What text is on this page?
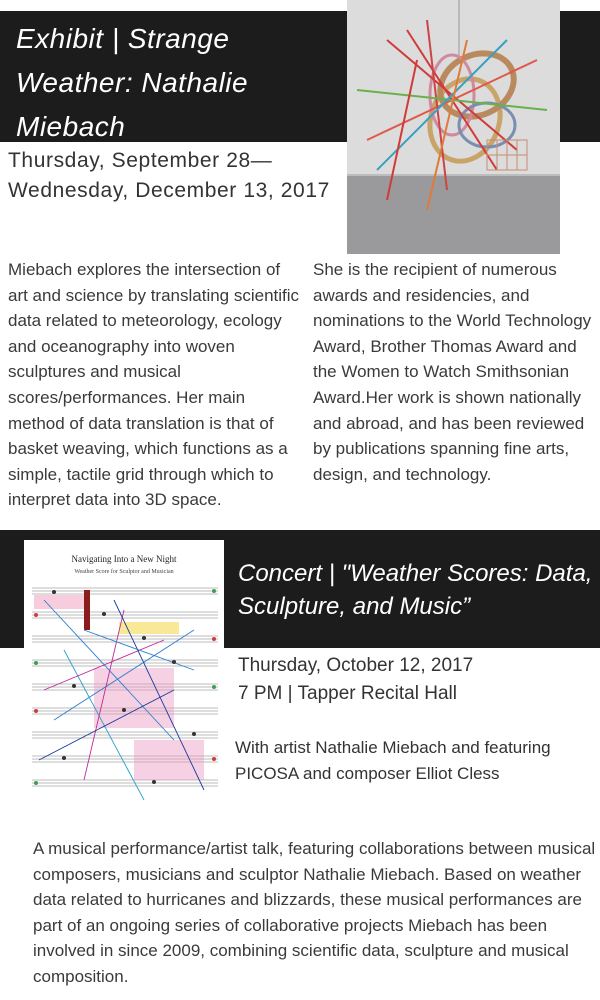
Exhibit | Strange Weather: Nathalie Miebach
Thursday, September 28—Wednesday, December 13, 2017

Miebach explores the intersection of art and science by translating scientific data related to meteorology, ecology and oceanography into woven sculptures and musical scores/performances. Her main method of data translation is that of basket weaving, which functions as a simple, tactile grid through which to interpret data into 3D space.

She is the recipient of numerous awards and residencies, and nominations to the World Technology Award, Brother Thomas Award and the Women to Watch Smithsonian Award.Her work is shown nationally and abroad, and has been reviewed by publications spanning fine arts, design, and technology.

Navigating Into a New Night
Weather Score for Sculptor and Musician	Concert | "Weather Scores: Data, Sculpture, and Music”
Thursday, October 12, 2017
7 PM | Tapper Recital Hall
With artist Nathalie Miebach and featuring PICOSA and composer Elliot Cless

A musical performance/artist talk, featuring collaborations between musical composers, musicians and sculptor Nathalie Miebach. Based on weather data related to hurricanes and blizzards, these musical performances are part of an ongoing series of collaborative projects Miebach has been involved in since 2009, combining scientific data, sculpture and musical composition.
